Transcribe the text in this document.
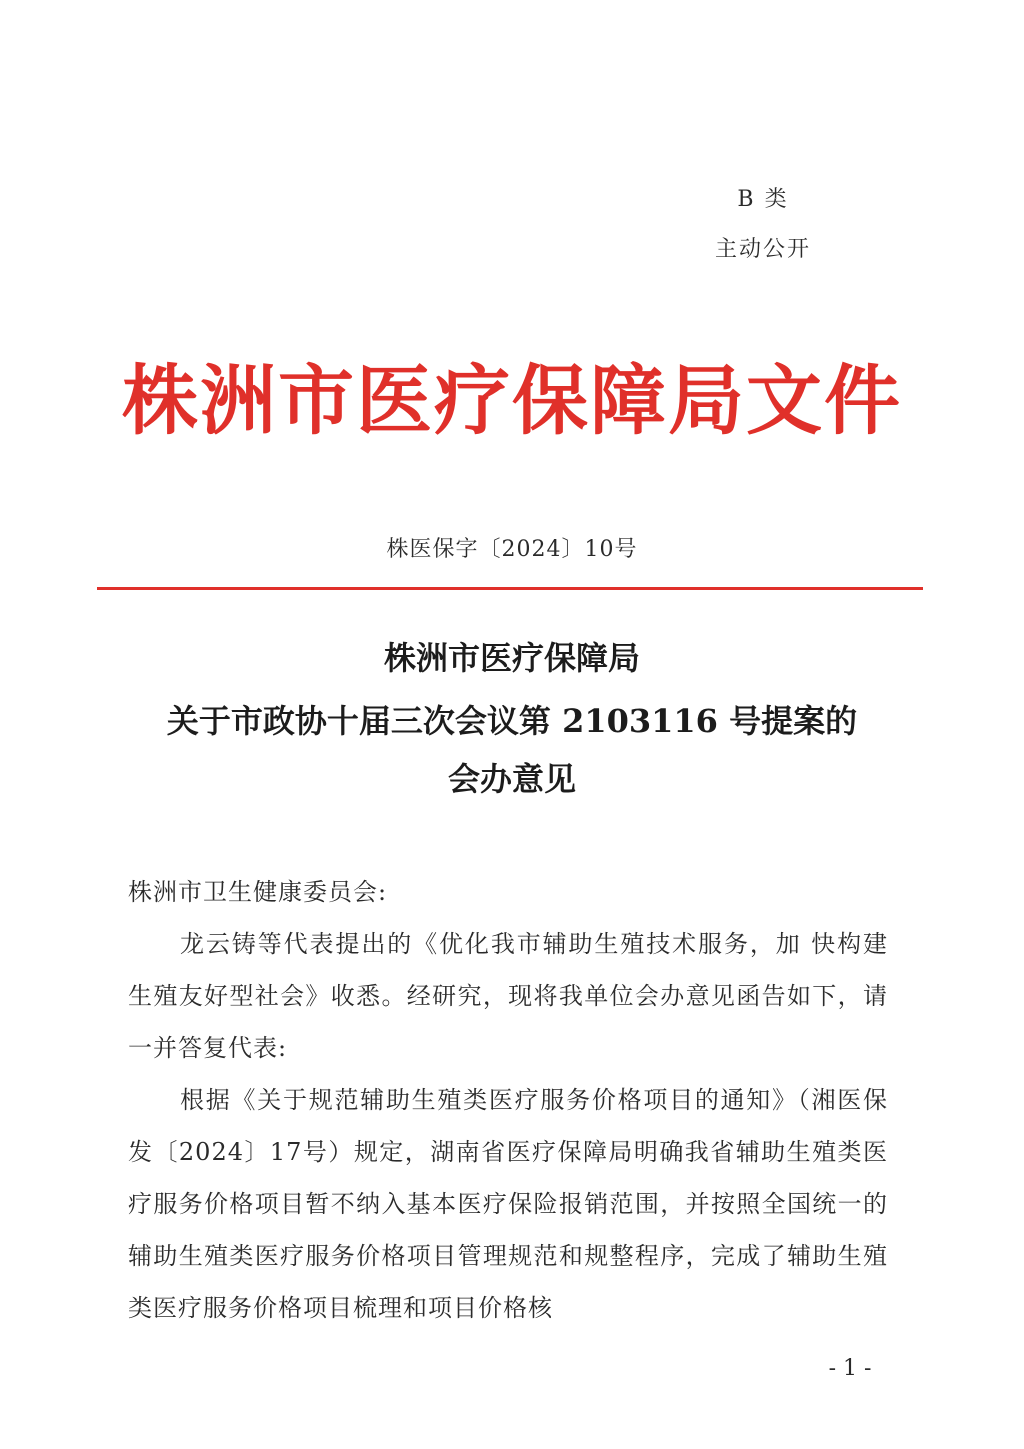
B 类
主动公开
株洲市医疗保障局文件
株医保字〔2024〕10号
株洲市医疗保障局
关于市政协十届三次会议第 2103116 号提案的
会办意见

株洲市卫生健康委员会:

龙云铸等代表提出的《优化我市辅助生殖技术服务，加 快构建生殖友好型社会》收悉。经研究，现将我单位会办意见函告如下，请一并答复代表:

根据《关于规范辅助生殖类医疗服务价格项目的通知》（湘医保发〔2024〕17号）规定，湖南省医疗保障局明确我省辅助生殖类医疗服务价格项目暂不纳入基本医疗保险报销范围，并按照全国统一的辅助生殖类医疗服务价格项目管理规范和规整程序，完成了辅助生殖类医疗服务价格项目梳理和项目价格核

- 1 -
